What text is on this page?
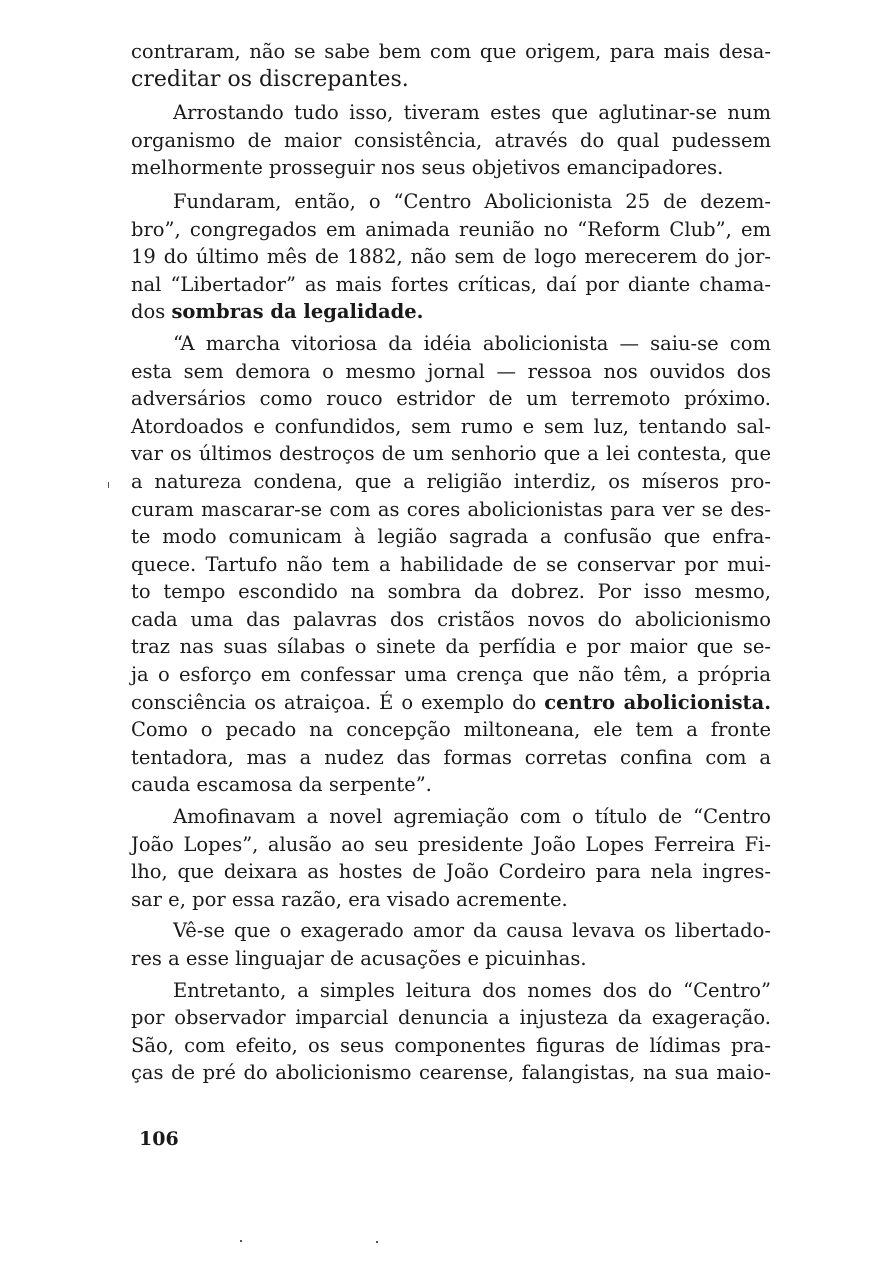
contraram, não se sabe bem com que origem, para mais desa-
creditar os discrepantes.

Arrostando tudo isso, tiveram estes que aglutinar-se num
organismo de maior consistência, através do qual pudessem
melhormente prosseguir nos seus objetivos emancipadores.

Fundaram, então, o “Centro Abolicionista 25 de dezem-
bro”, congregados em animada reunião no “Reform Club”, em
19 do último mês de 1882, não sem de logo merecerem do jor-
nal “Libertador” as mais fortes críticas, daí por diante chama-
dos sombras da legalidade.

“A marcha vitoriosa da idéia abolicionista — saiu-se com
esta sem demora o mesmo jornal — ressoa nos ouvidos dos
adversários como rouco estridor de um terremoto próximo.
Atordoados e confundidos, sem rumo e sem luz, tentando sal-
var os últimos destroços de um senhorio que a lei contesta, que
a natureza condena, que a religião interdiz, os míseros pro-
curam mascarar-se com as cores abolicionistas para ver se des-
te modo comunicam à legião sagrada a confusão que enfra-
quece. Tartufo não tem a habilidade de se conservar por mui-
to tempo escondido na sombra da dobrez. Por isso mesmo,
cada uma das palavras dos cristãos novos do abolicionismo
traz nas suas sílabas o sinete da perfídia e por maior que se-
ja o esforço em confessar uma crença que não têm, a própria
consciência os atraiçoa. É o exemplo do centro abolicionista.
Como o pecado na concepção miltoneana, ele tem a fronte
tentadora, mas a nudez das formas corretas confina com a
cauda escamosa da serpente”.

Amofinavam a novel agremiação com o título de “Centro
João Lopes”, alusão ao seu presidente João Lopes Ferreira Fi-
lho, que deixara as hostes de João Cordeiro para nela ingres-
sar e, por essa razão, era visado acremente.

Vê-se que o exagerado amor da causa levava os libertado-
res a esse linguajar de acusações e picuinhas.

Entretanto, a simples leitura dos nomes dos do “Centro”
por observador imparcial denuncia a injusteza da exageração.
São, com efeito, os seus componentes figuras de lídimas pra-
ças de pré do abolicionismo cearense, falangistas, na sua maio-

106
